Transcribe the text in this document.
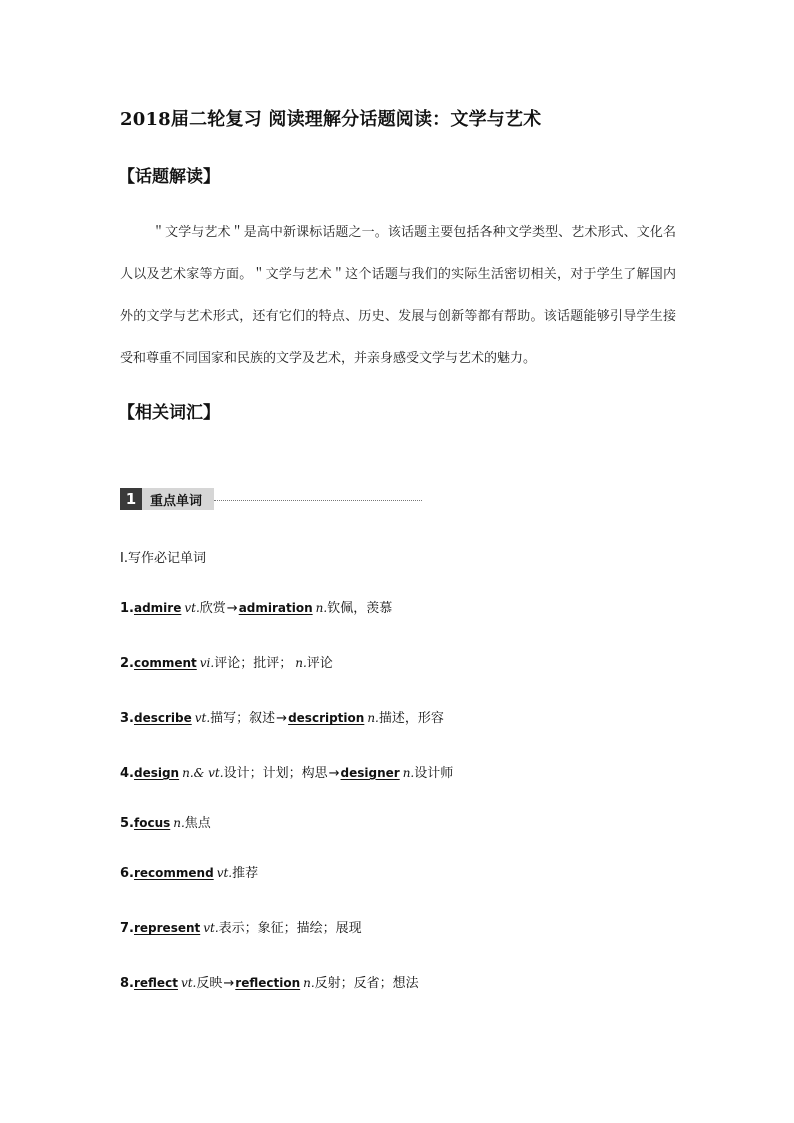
2018届二轮复习 阅读理解分话题阅读：文学与艺术
【话题解读】
＂文学与艺术＂是高中新课标话题之一。该话题主要包括各种文学类型、艺术形式、文化名人以及艺术家等方面。＂文学与艺术＂这个话题与我们的实际生活密切相关，对于学生了解国内外的文学与艺术形式，还有它们的特点、历史、发展与创新等都有帮助。该话题能够引导学生接受和尊重不同国家和民族的文学及艺术，并亲身感受文学与艺术的魅力。
【相关词汇】
1	重点单词
Ⅰ.写作必记单词
1. admire vt. 欣赏 → admiration n. 钦佩，羡慕
2. comment vi. 评论；批评； n. 评论
3. describe vt. 描写；叙述 → description n. 描述，形容
4. design n.& vt. 设计；计划；构思 → designer n. 设计师
5. focus n. 焦点
6. recommend vt. 推荐
7. represent vt. 表示；象征；描绘；展现
8. reflect vt. 反映 → reflection n. 反射；反省；想法
